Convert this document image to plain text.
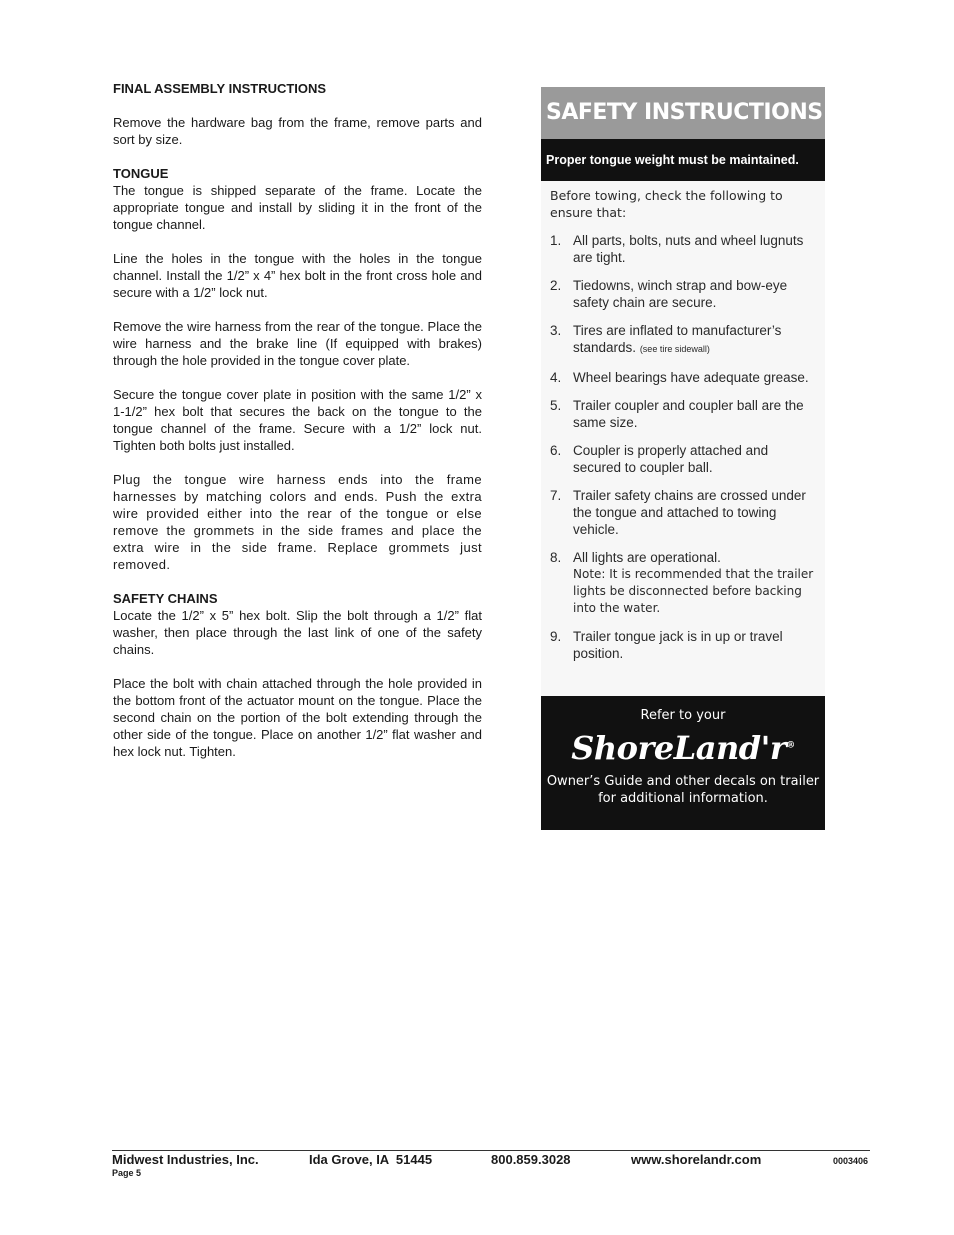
FINAL ASSEMBLY INSTRUCTIONS

Remove the hardware bag from the frame, remove parts and sort by size.

TONGUE

The tongue is shipped separate of the frame. Locate the appropriate tongue and install by sliding it in the front of the tongue channel.

Line the holes in the tongue with the holes in the tongue channel. Install the 1/2” x 4” hex bolt in the front cross hole and secure with a 1/2” lock nut.

Remove the wire harness from the rear of the tongue. Place the wire harness and the brake line (If equipped with brakes) through the hole provided in the tongue cover plate.

Secure the tongue cover plate in position with the same 1/2” x 1-1/2” hex bolt that secures the back on the tongue to the tongue channel of the frame. Secure with a 1/2” lock nut. Tighten both bolts just installed.

Plug the tongue wire harness ends into the frame harnesses by matching colors and ends. Push the extra wire provided either into the rear of the tongue or else remove the grommets in the side frames and place the extra wire in the side frame. Replace grommets just removed.

SAFETY CHAINS

Locate the 1/2” x 5” hex bolt. Slip the bolt through a 1/2” flat washer, then place through the last link of one of the safety chains.

Place the bolt with chain attached through the hole provided in the bottom front of the actuator mount on the tongue. Place the second chain on the portion of the bolt extending through the other side of the tongue. Place on another 1/2” flat washer and hex lock nut. Tighten.

SAFETY INSTRUCTIONS
Proper tongue weight must be maintained.
Before towing, check the following to ensure that:
1. All parts, bolts, nuts and wheel lugnuts are tight.
2. Tiedowns, winch strap and bow-eye safety chain are secure.
3. Tires are inflated to manufacturer’s standards. (see tire sidewall)
4. Wheel bearings have adequate grease.
5. Trailer coupler and coupler ball are the same size.
6. Coupler is properly attached and secured to coupler ball.
7. Trailer safety chains are crossed under the tongue and attached to towing vehicle.
8. All lights are operational.
Note: It is recommended that the trailer lights be disconnected before backing into the water.
9. Trailer tongue jack is in up or travel position.
Refer to your
ShoreLand'r®
Owner’s Guide and other decals on trailer for additional information.
Midwest Industries, Inc.	Ida Grove, IA  51445	800.859.3028	www.shorelandr.com	0003406
Page 5
